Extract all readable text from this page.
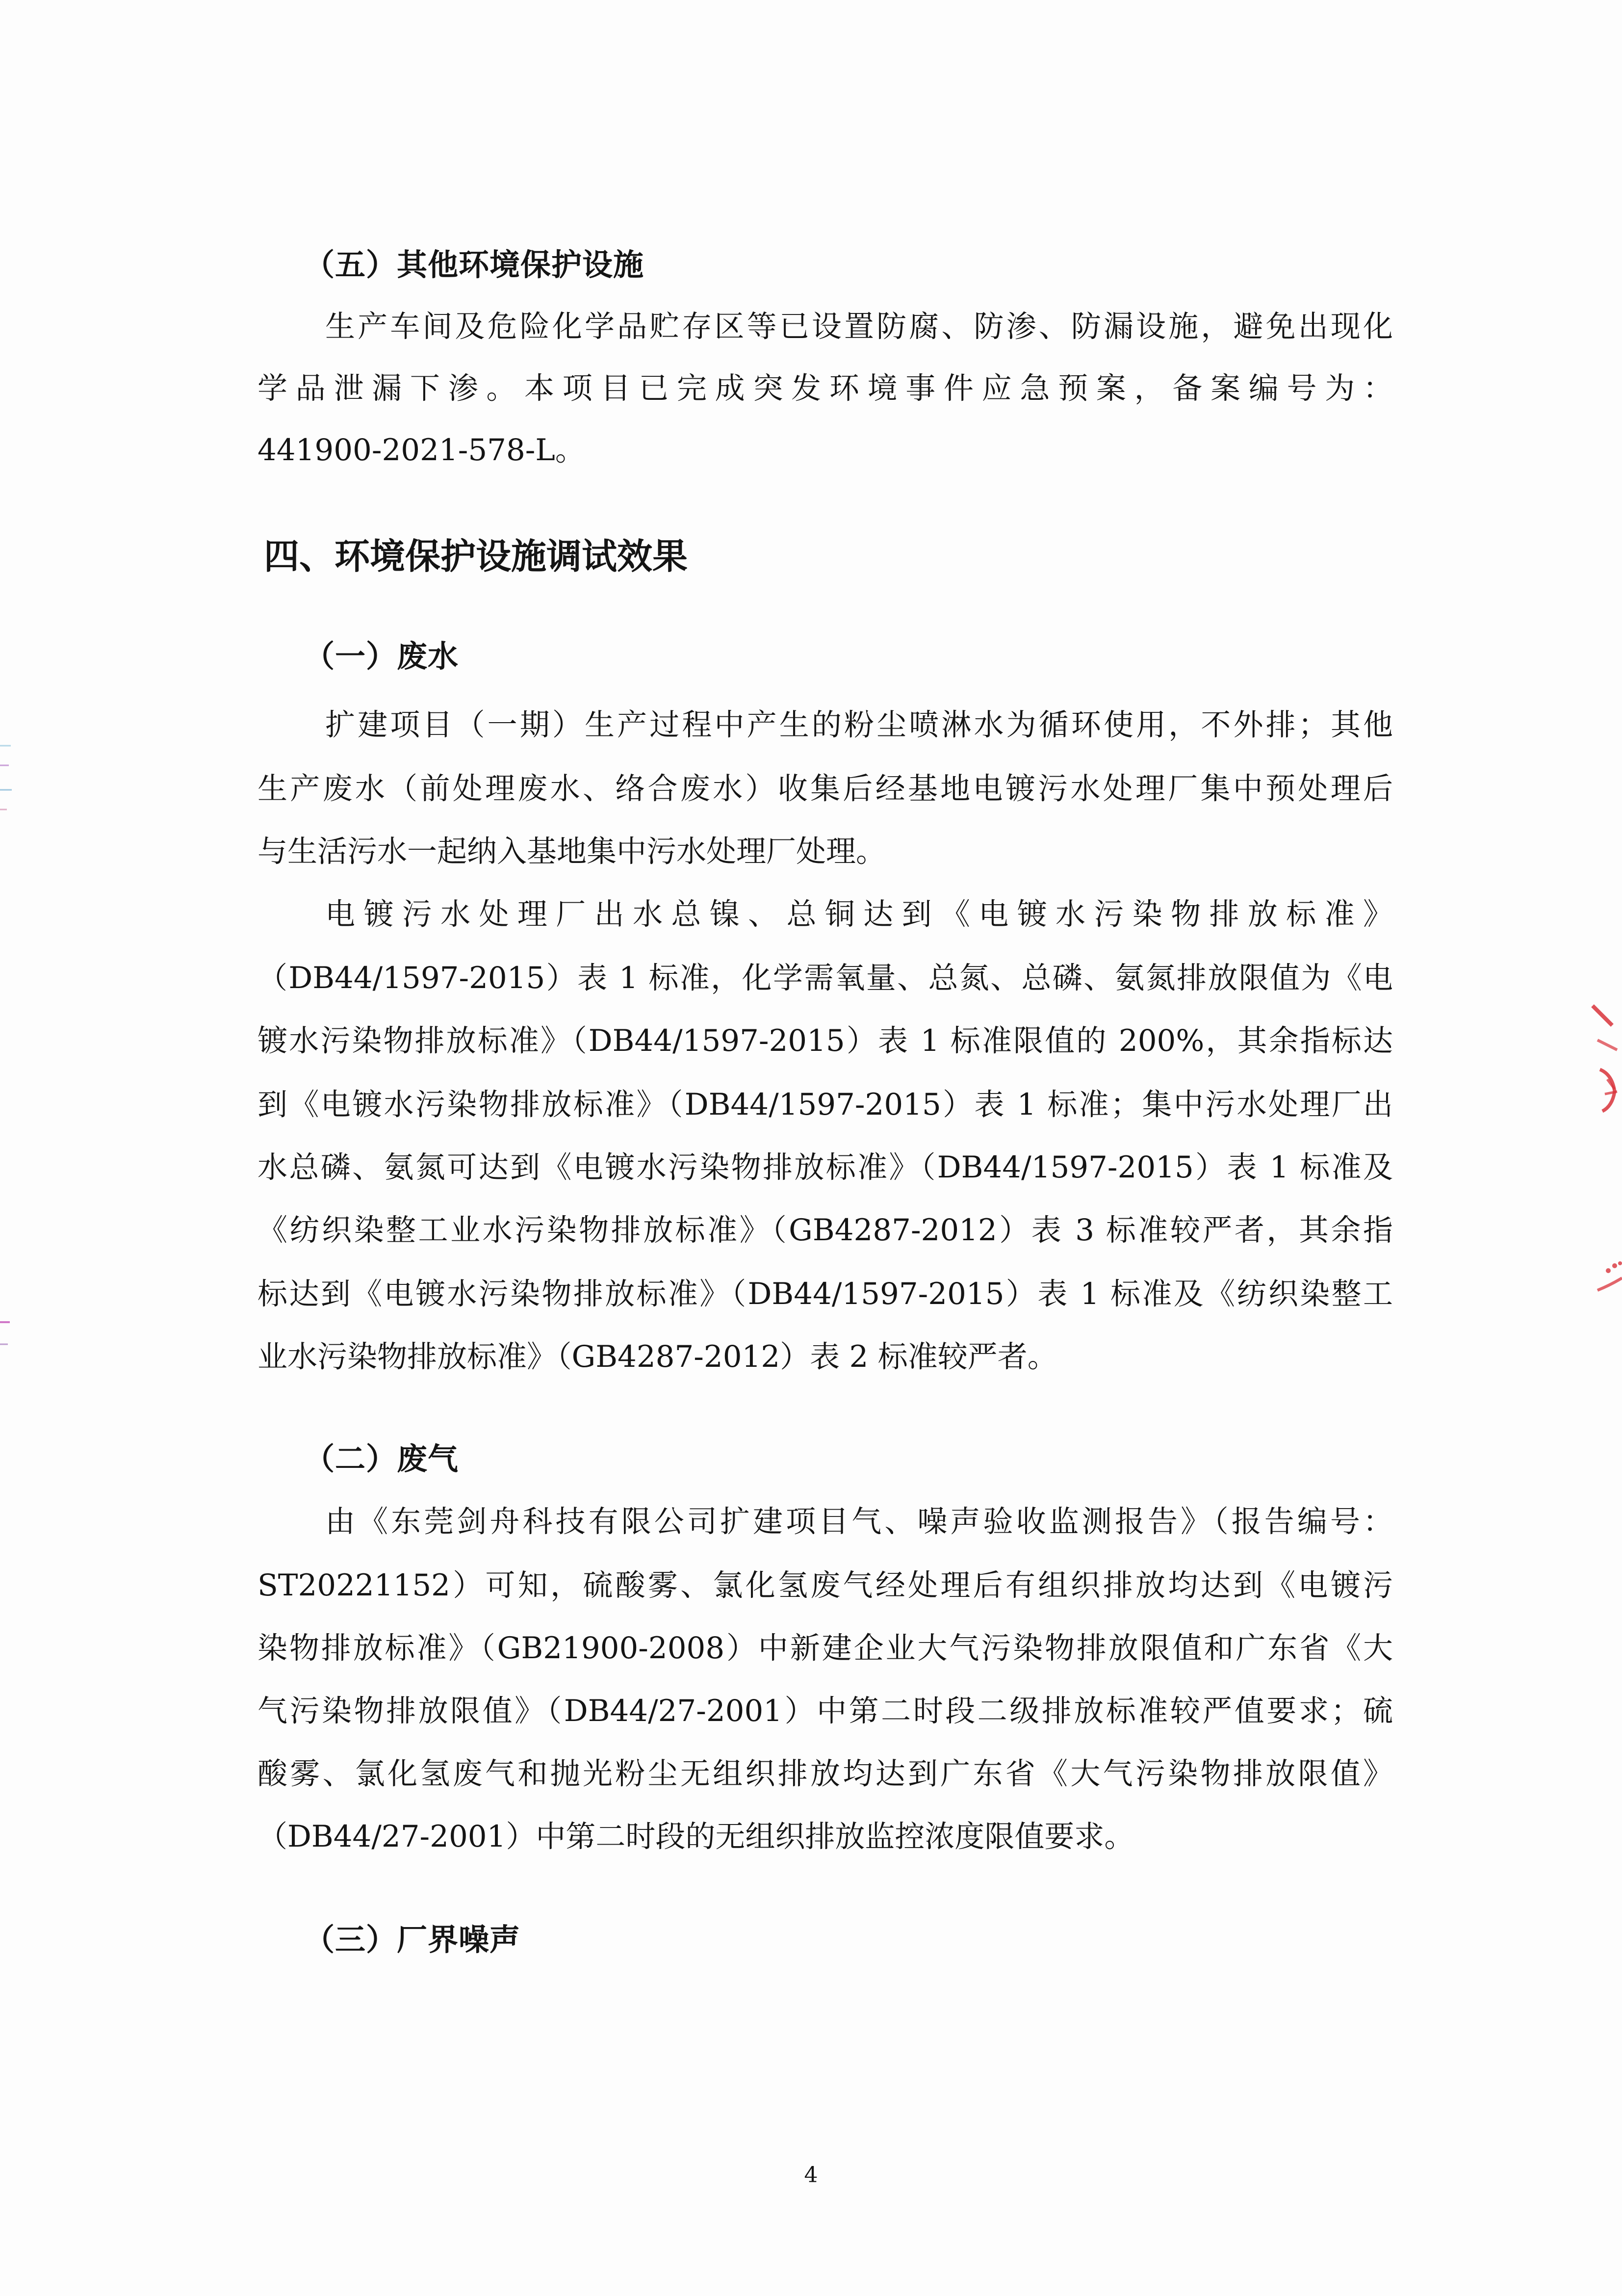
（五）其他环境保护设施
生产车间及危险化学品贮存区等已设置防腐、防渗、防漏设施，避免出现化
学品泄漏下渗。本项目已完成突发环境事件应急预案，备案编号为：
441900-2021-578-L。
四、环境保护设施调试效果
（一）废水
扩建项目（一期）生产过程中产生的粉尘喷淋水为循环使用，不外排；其他
生产废水（前处理废水、络合废水）收集后经基地电镀污水处理厂集中预处理后
与生活污水一起纳入基地集中污水处理厂处理。
电镀污水处理厂出水总镍、总铜达到《电镀水污染物排放标准》
（DB44/1597-2015）表 1 标准，化学需氧量、总氮、总磷、氨氮排放限值为《电
镀水污染物排放标准》（DB44/1597-2015）表 1 标准限值的 200%，其余指标达
到《电镀水污染物排放标准》（DB44/1597-2015）表 1 标准；集中污水处理厂出
水总磷、氨氮可达到《电镀水污染物排放标准》（DB44/1597-2015）表 1 标准及
《纺织染整工业水污染物排放标准》（GB4287-2012）表 3 标准较严者，其余指
标达到《电镀水污染物排放标准》（DB44/1597-2015）表 1 标准及《纺织染整工
业水污染物排放标准》（GB4287-2012）表 2 标准较严者。
（二）废气
由《东莞剑舟科技有限公司扩建项目气、噪声验收监测报告》（报告编号：
ST20221152）可知，硫酸雾、氯化氢废气经处理后有组织排放均达到《电镀污
染物排放标准》（GB21900-2008）中新建企业大气污染物排放限值和广东省《大
气污染物排放限值》（DB44/27-2001）中第二时段二级排放标准较严值要求；硫
酸雾、氯化氢废气和抛光粉尘无组织排放均达到广东省《大气污染物排放限值》
（DB44/27-2001）中第二时段的无组织排放监控浓度限值要求。
（三）厂界噪声
4
